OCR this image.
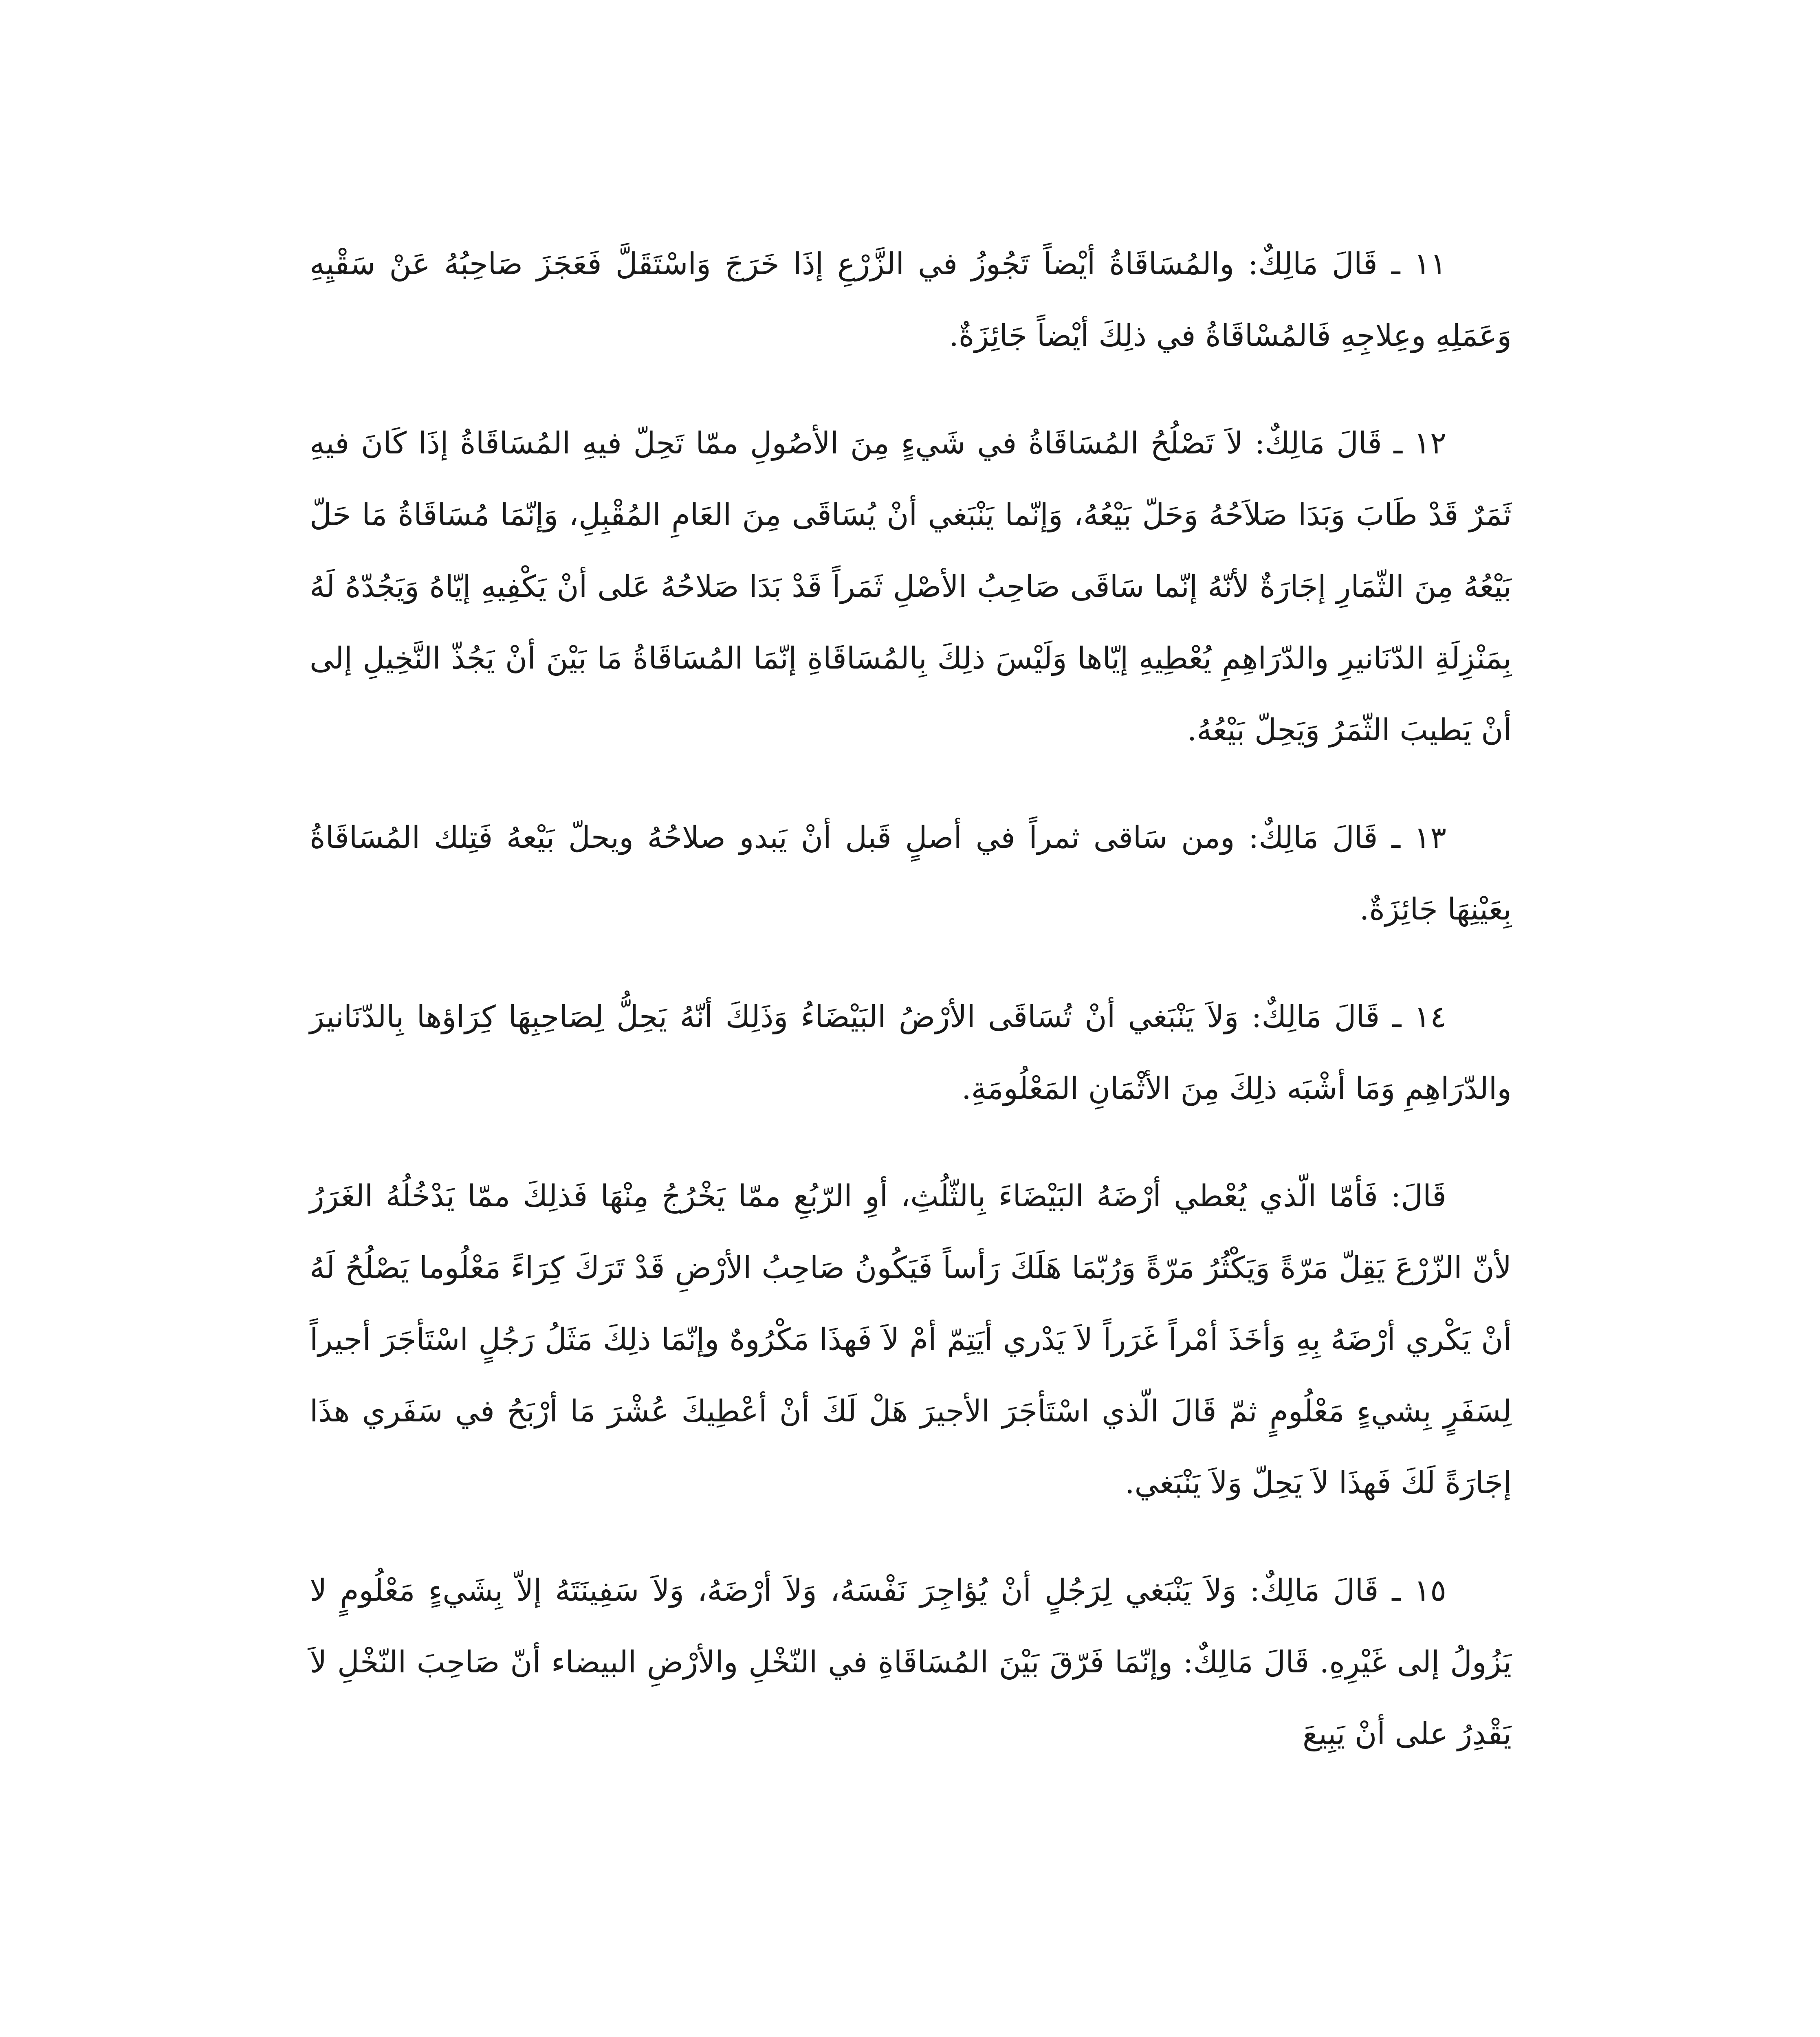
١١ ـ قَالَ مَالِكٌ: والمُسَاقَاةُ أيْضاً تَجُوزُ في الزَّرْعِ إذَا خَرَجَ وَاسْتَقَلَّ فَعَجَزَ صَاحِبُهُ عَنْ سَقْيِهِ وَعَمَلِهِ وعِلاجِهِ فَالمُسْاقَاةُ في ذلِكَ أيْضاً جَائِزَةٌ.

١٢ ـ قَالَ مَالِكٌ: لاَ تَصْلُحُ المُسَاقَاةُ في شَيءٍ مِنَ الأصُولِ ممّا تَحِلّ فيهِ المُسَاقَاةُ إذَا كَانَ فيهِ ثَمَرٌ قَدْ طَابَ وَبَدَا صَلاَحُهُ وَحَلّ بَيْعُهُ، وَإنّما يَنْبَغي أنْ يُسَاقَى مِنَ العَامِ المُقْبِلِ، وَإنّمَا مُسَاقَاةُ مَا حَلّ بَيْعُهُ مِنَ الثّمَارِ إجَارَةٌ لأنّهُ إنّما سَاقَى صَاحِبُ الأصْلِ ثَمَراً قَدْ بَدَا صَلاحُهُ عَلى أنْ يَكْفِيهِ إيّاهُ وَيَجُدّهُ لَهُ بِمَنْزِلَةِ الدّنَانيرِ والدّرَاهِمِ يُعْطِيهِ إيّاها وَلَيْسَ ذلِكَ بِالمُسَاقَاةِ إنّمَا المُسَاقَاةُ مَا بَيْنَ أنْ يَجُذّ النَّخِيلِ إلى أنْ يَطيبَ الثّمَرُ وَيَحِلّ بَيْعُهُ.

١٣ ـ قَالَ مَالِكٌ: ومن سَاقى ثمراً في أصلٍ قَبل أنْ يَبدو صلاحُهُ ويحلّ بَيْعهُ فَتِلك المُسَاقَاةُ بِعَيْنِهَا جَائِزَةٌ.

١٤ ـ قَالَ مَالِكٌ: وَلاَ يَنْبَغي أنْ تُسَاقَى الأرْضُ البَيْضَاءُ وَذَلِكَ أنّهُ يَحِلُّ لِصَاحِبِهَا كِرَاؤها بِالدّنَانيرَ والدّرَاهِمِ وَمَا أشْبَه ذلِكَ مِنَ الأثْمَانِ المَعْلُومَةِ.

قَالَ: فَأمّا الّذي يُعْطي أرْضَهُ البَيْضَاءَ بِالثّلُثِ، أوِ الرّبُعِ ممّا يَخْرُجُ مِنْهَا فَذلِكَ ممّا يَدْخُلُهُ الغَرَرُ لأنّ الزّرْعَ يَقِلّ مَرّةً وَيَكْثُرُ مَرّةً وَرُبّمَا هَلَكَ رَأساً فَيَكُونُ صَاحِبُ الأرْضِ قَدْ تَرَكَ كِرَاءً مَعْلُوما يَصْلُحُ لَهُ أنْ يَكْري أرْضَهُ بِهِ وَأخَذَ أمْراً غَرَراً لاَ يَدْري أيَتِمّ أمْ لاَ فَهذَا مَكْرُوهٌ وإنّمَا ذلِكَ مَثَلُ رَجُلٍ اسْتَأجَرَ أجيراً لِسَفَرٍ بِشيءٍ مَعْلُومٍ ثمّ قَالَ الّذي اسْتَأجَرَ الأجيرَ هَلْ لَكَ أنْ أعْطِيكَ عُشْرَ مَا أرْبَحُ في سَفَري هذَا إجَارَةً لَكَ فَهذَا لاَ يَحِلّ وَلاَ يَنْبَغي.

١٥ ـ قَالَ مَالِكٌ: وَلاَ يَنْبَغي لِرَجُلٍ أنْ يُؤاجِرَ نَفْسَهُ، وَلاَ أرْضَهُ، وَلاَ سَفِينَتَهُ إلاّ بِشَيءٍ مَعْلُومٍ لا يَزُولُ إلى غَيْرِهِ. قَالَ مَالِكٌ: وإنّمَا فَرّقَ بَيْنَ المُسَاقَاةِ في النّخْلِ والأرْضِ البيضاء أنّ صَاحِبَ النّخْلِ لاَ يَقْدِرُ على أنْ يَبِيعَ
